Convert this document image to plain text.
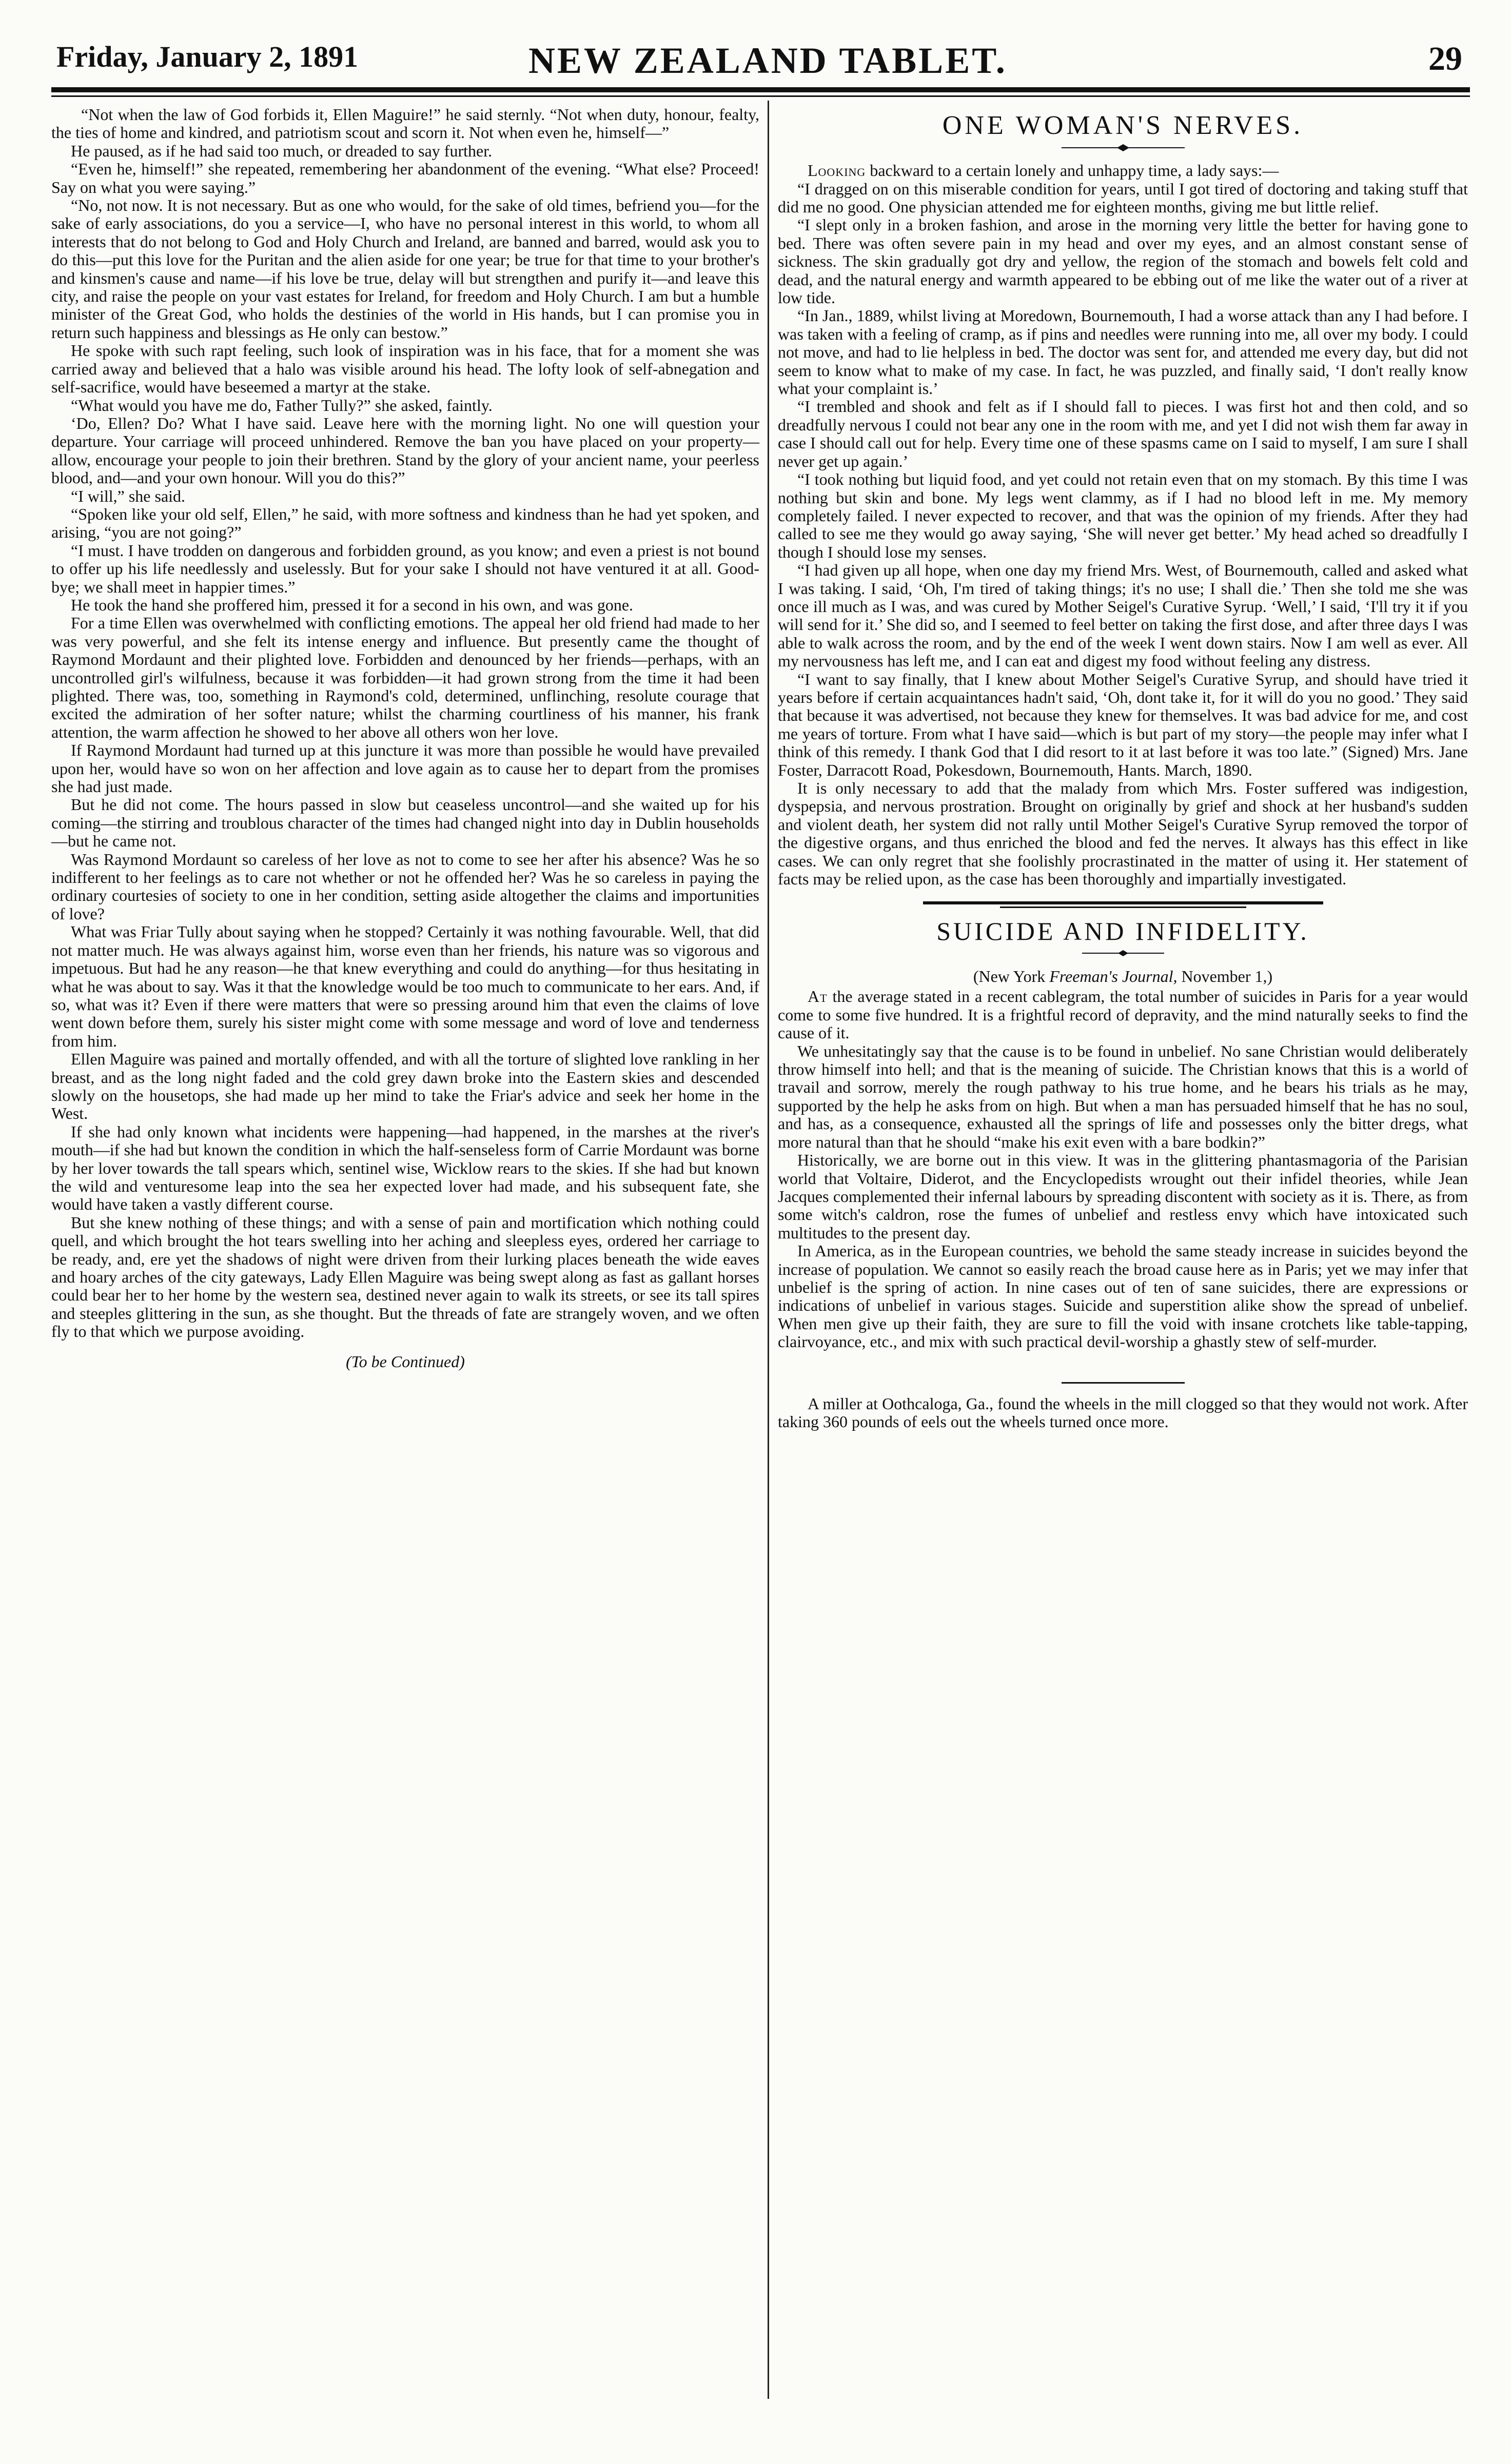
Friday, January 2, 1891	NEW ZEALAND TABLET.	29

“Not when the law of God forbids it, Ellen Maguire!” he said sternly. “Not when duty, honour, fealty, the ties of home and kindred, and patriotism scout and scorn it. Not when even he, himself—”

He paused, as if he had said too much, or dreaded to say further.

“Even he, himself!” she repeated, remembering her abandonment of the evening. “What else? Proceed! Say on what you were saying.”

“No, not now. It is not necessary. But as one who would, for the sake of old times, befriend you—for the sake of early associations, do you a service—I, who have no personal interest in this world, to whom all interests that do not belong to God and Holy Church and Ireland, are banned and barred, would ask you to do this—put this love for the Puritan and the alien aside for one year; be true for that time to your brother's and kinsmen's cause and name—if his love be true, delay will but strengthen and purify it—and leave this city, and raise the people on your vast estates for Ireland, for freedom and Holy Church. I am but a humble minister of the Great God, who holds the destinies of the world in His hands, but I can promise you in return such happiness and blessings as He only can bestow.”

He spoke with such rapt feeling, such look of inspiration was in his face, that for a moment she was carried away and believed that a halo was visible around his head. The lofty look of self-abnegation and self-sacrifice, would have beseemed a martyr at the stake.

“What would you have me do, Father Tully?” she asked, faintly.

‘Do, Ellen? Do? What I have said. Leave here with the morning light. No one will question your departure. Your carriage will proceed unhindered. Remove the ban you have placed on your property—allow, encourage your people to join their brethren. Stand by the glory of your ancient name, your peerless blood, and—and your own honour. Will you do this?”

“I will,” she said.

“Spoken like your old self, Ellen,” he said, with more softness and kindness than he had yet spoken, and arising, “you are not going?”

“I must. I have trodden on dangerous and forbidden ground, as you know; and even a priest is not bound to offer up his life needlessly and uselessly. But for your sake I should not have ventured it at all. Good-bye; we shall meet in happier times.”

He took the hand she proffered him, pressed it for a second in his own, and was gone.

For a time Ellen was overwhelmed with conflicting emotions. The appeal her old friend had made to her was very powerful, and she felt its intense energy and influence. But presently came the thought of Raymond Mordaunt and their plighted love. Forbidden and denounced by her friends—perhaps, with an uncontrolled girl's wilfulness, because it was forbidden—it had grown strong from the time it had been plighted. There was, too, something in Raymond's cold, determined, unflinching, resolute courage that excited the admiration of her softer nature; whilst the charming courtliness of his manner, his frank attention, the warm affection he showed to her above all others won her love.

If Raymond Mordaunt had turned up at this juncture it was more than possible he would have prevailed upon her, would have so won on her affection and love again as to cause her to depart from the promises she had just made.

But he did not come. The hours passed in slow but ceaseless uncontrol—and she waited up for his coming—the stirring and troublous character of the times had changed night into day in Dublin households—but he came not.

Was Raymond Mordaunt so careless of her love as not to come to see her after his absence? Was he so indifferent to her feelings as to care not whether or not he offended her? Was he so careless in paying the ordinary courtesies of society to one in her condition, setting aside altogether the claims and importunities of love?

What was Friar Tully about saying when he stopped? Certainly it was nothing favourable. Well, that did not matter much. He was always against him, worse even than her friends, his nature was so vigorous and impetuous. But had he any reason—he that knew everything and could do anything—for thus hesitating in what he was about to say. Was it that the knowledge would be too much to communicate to her ears. And, if so, what was it? Even if there were matters that were so pressing around him that even the claims of love went down before them, surely his sister might come with some message and word of love and tenderness from him.

Ellen Maguire was pained and mortally offended, and with all the torture of slighted love rankling in her breast, and as the long night faded and the cold grey dawn broke into the Eastern skies and descended slowly on the housetops, she had made up her mind to take the Friar's advice and seek her home in the West.

If she had only known what incidents were happening—had happened, in the marshes at the river's mouth—if she had but known the condition in which the half-senseless form of Carrie Mordaunt was borne by her lover towards the tall spears which, sentinel wise, Wicklow rears to the skies. If she had but known the wild and venturesome leap into the sea her expected lover had made, and his subsequent fate, she would have taken a vastly different course.

But she knew nothing of these things; and with a sense of pain and mortification which nothing could quell, and which brought the hot tears swelling into her aching and sleepless eyes, ordered her carriage to be ready, and, ere yet the shadows of night were driven from their lurking places beneath the wide eaves and hoary arches of the city gateways, Lady Ellen Maguire was being swept along as fast as gallant horses could bear her to her home by the western sea, destined never again to walk its streets, or see its tall spires and steeples glittering in the sun, as she thought. But the threads of fate are strangely woven, and we often fly to that which we purpose avoiding.

(To be Continued)
ONE WOMAN'S NERVES.

Looking backward to a certain lonely and unhappy time, a lady says:—

“I dragged on on this miserable condition for years, until I got tired of doctoring and taking stuff that did me no good. One physician attended me for eighteen months, giving me but little relief.

“I slept only in a broken fashion, and arose in the morning very little the better for having gone to bed. There was often severe pain in my head and over my eyes, and an almost constant sense of sickness. The skin gradually got dry and yellow, the region of the stomach and bowels felt cold and dead, and the natural energy and warmth appeared to be ebbing out of me like the water out of a river at low tide.

“In Jan., 1889, whilst living at Moredown, Bournemouth, I had a worse attack than any I had before. I was taken with a feeling of cramp, as if pins and needles were running into me, all over my body. I could not move, and had to lie helpless in bed. The doctor was sent for, and attended me every day, but did not seem to know what to make of my case. In fact, he was puzzled, and finally said, ‘I don't really know what your complaint is.’

“I trembled and shook and felt as if I should fall to pieces. I was first hot and then cold, and so dreadfully nervous I could not bear any one in the room with me, and yet I did not wish them far away in case I should call out for help. Every time one of these spasms came on I said to myself, I am sure I shall never get up again.’

“I took nothing but liquid food, and yet could not retain even that on my stomach. By this time I was nothing but skin and bone. My legs went clammy, as if I had no blood left in me. My memory completely failed. I never expected to recover, and that was the opinion of my friends. After they had called to see me they would go away saying, ‘She will never get better.’ My head ached so dreadfully I though I should lose my senses.

“I had given up all hope, when one day my friend Mrs. West, of Bournemouth, called and asked what I was taking. I said, ‘Oh, I'm tired of taking things; it's no use; I shall die.’ Then she told me she was once ill much as I was, and was cured by Mother Seigel's Curative Syrup. ‘Well,’ I said, ‘I'll try it if you will send for it.’ She did so, and I seemed to feel better on taking the first dose, and after three days I was able to walk across the room, and by the end of the week I went down stairs. Now I am well as ever. All my nervousness has left me, and I can eat and digest my food without feeling any distress.

“I want to say finally, that I knew about Mother Seigel's Curative Syrup, and should have tried it years before if certain acquaintances hadn't said, ‘Oh, dont take it, for it will do you no good.’ They said that because it was advertised, not because they knew for themselves. It was bad advice for me, and cost me years of torture. From what I have said—which is but part of my story—the people may infer what I think of this remedy. I thank God that I did resort to it at last before it was too late.” (Signed) Mrs. Jane Foster, Darracott Road, Pokesdown, Bournemouth, Hants. March, 1890.

It is only necessary to add that the malady from which Mrs. Foster suffered was indigestion, dyspepsia, and nervous prostration. Brought on originally by grief and shock at her husband's sudden and violent death, her system did not rally until Mother Seigel's Curative Syrup removed the torpor of the digestive organs, and thus enriched the blood and fed the nerves. It always has this effect in like cases. We can only regret that she foolishly procrastinated in the matter of using it. Her statement of facts may be relied upon, as the case has been thoroughly and impartially investigated.

SUICIDE AND INFIDELITY.
(New York Freeman's Journal, November 1,)

At the average stated in a recent cablegram, the total number of suicides in Paris for a year would come to some five hundred. It is a frightful record of depravity, and the mind naturally seeks to find the cause of it.

We unhesitatingly say that the cause is to be found in unbelief. No sane Christian would deliberately throw himself into hell; and that is the meaning of suicide. The Christian knows that this is a world of travail and sorrow, merely the rough pathway to his true home, and he bears his trials as he may, supported by the help he asks from on high. But when a man has persuaded himself that he has no soul, and has, as a consequence, exhausted all the springs of life and possesses only the bitter dregs, what more natural than that he should “make his exit even with a bare bodkin?”

Historically, we are borne out in this view. It was in the glittering phantasmagoria of the Parisian world that Voltaire, Diderot, and the Encyclopedists wrought out their infidel theories, while Jean Jacques complemented their infernal labours by spreading discontent with society as it is. There, as from some witch's caldron, rose the fumes of unbelief and restless envy which have intoxicated such multitudes to the present day.

In America, as in the European countries, we behold the same steady increase in suicides beyond the increase of population. We cannot so easily reach the broad cause here as in Paris; yet we may infer that unbelief is the spring of action. In nine cases out of ten of sane suicides, there are expressions or indications of unbelief in various stages. Suicide and superstition alike show the spread of unbelief. When men give up their faith, they are sure to fill the void with insane crotchets like table-tapping, clairvoyance, etc., and mix with such practical devil-worship a ghastly stew of self-murder.

A miller at Oothcaloga, Ga., found the wheels in the mill clogged so that they would not work. After taking 360 pounds of eels out the wheels turned once more.
